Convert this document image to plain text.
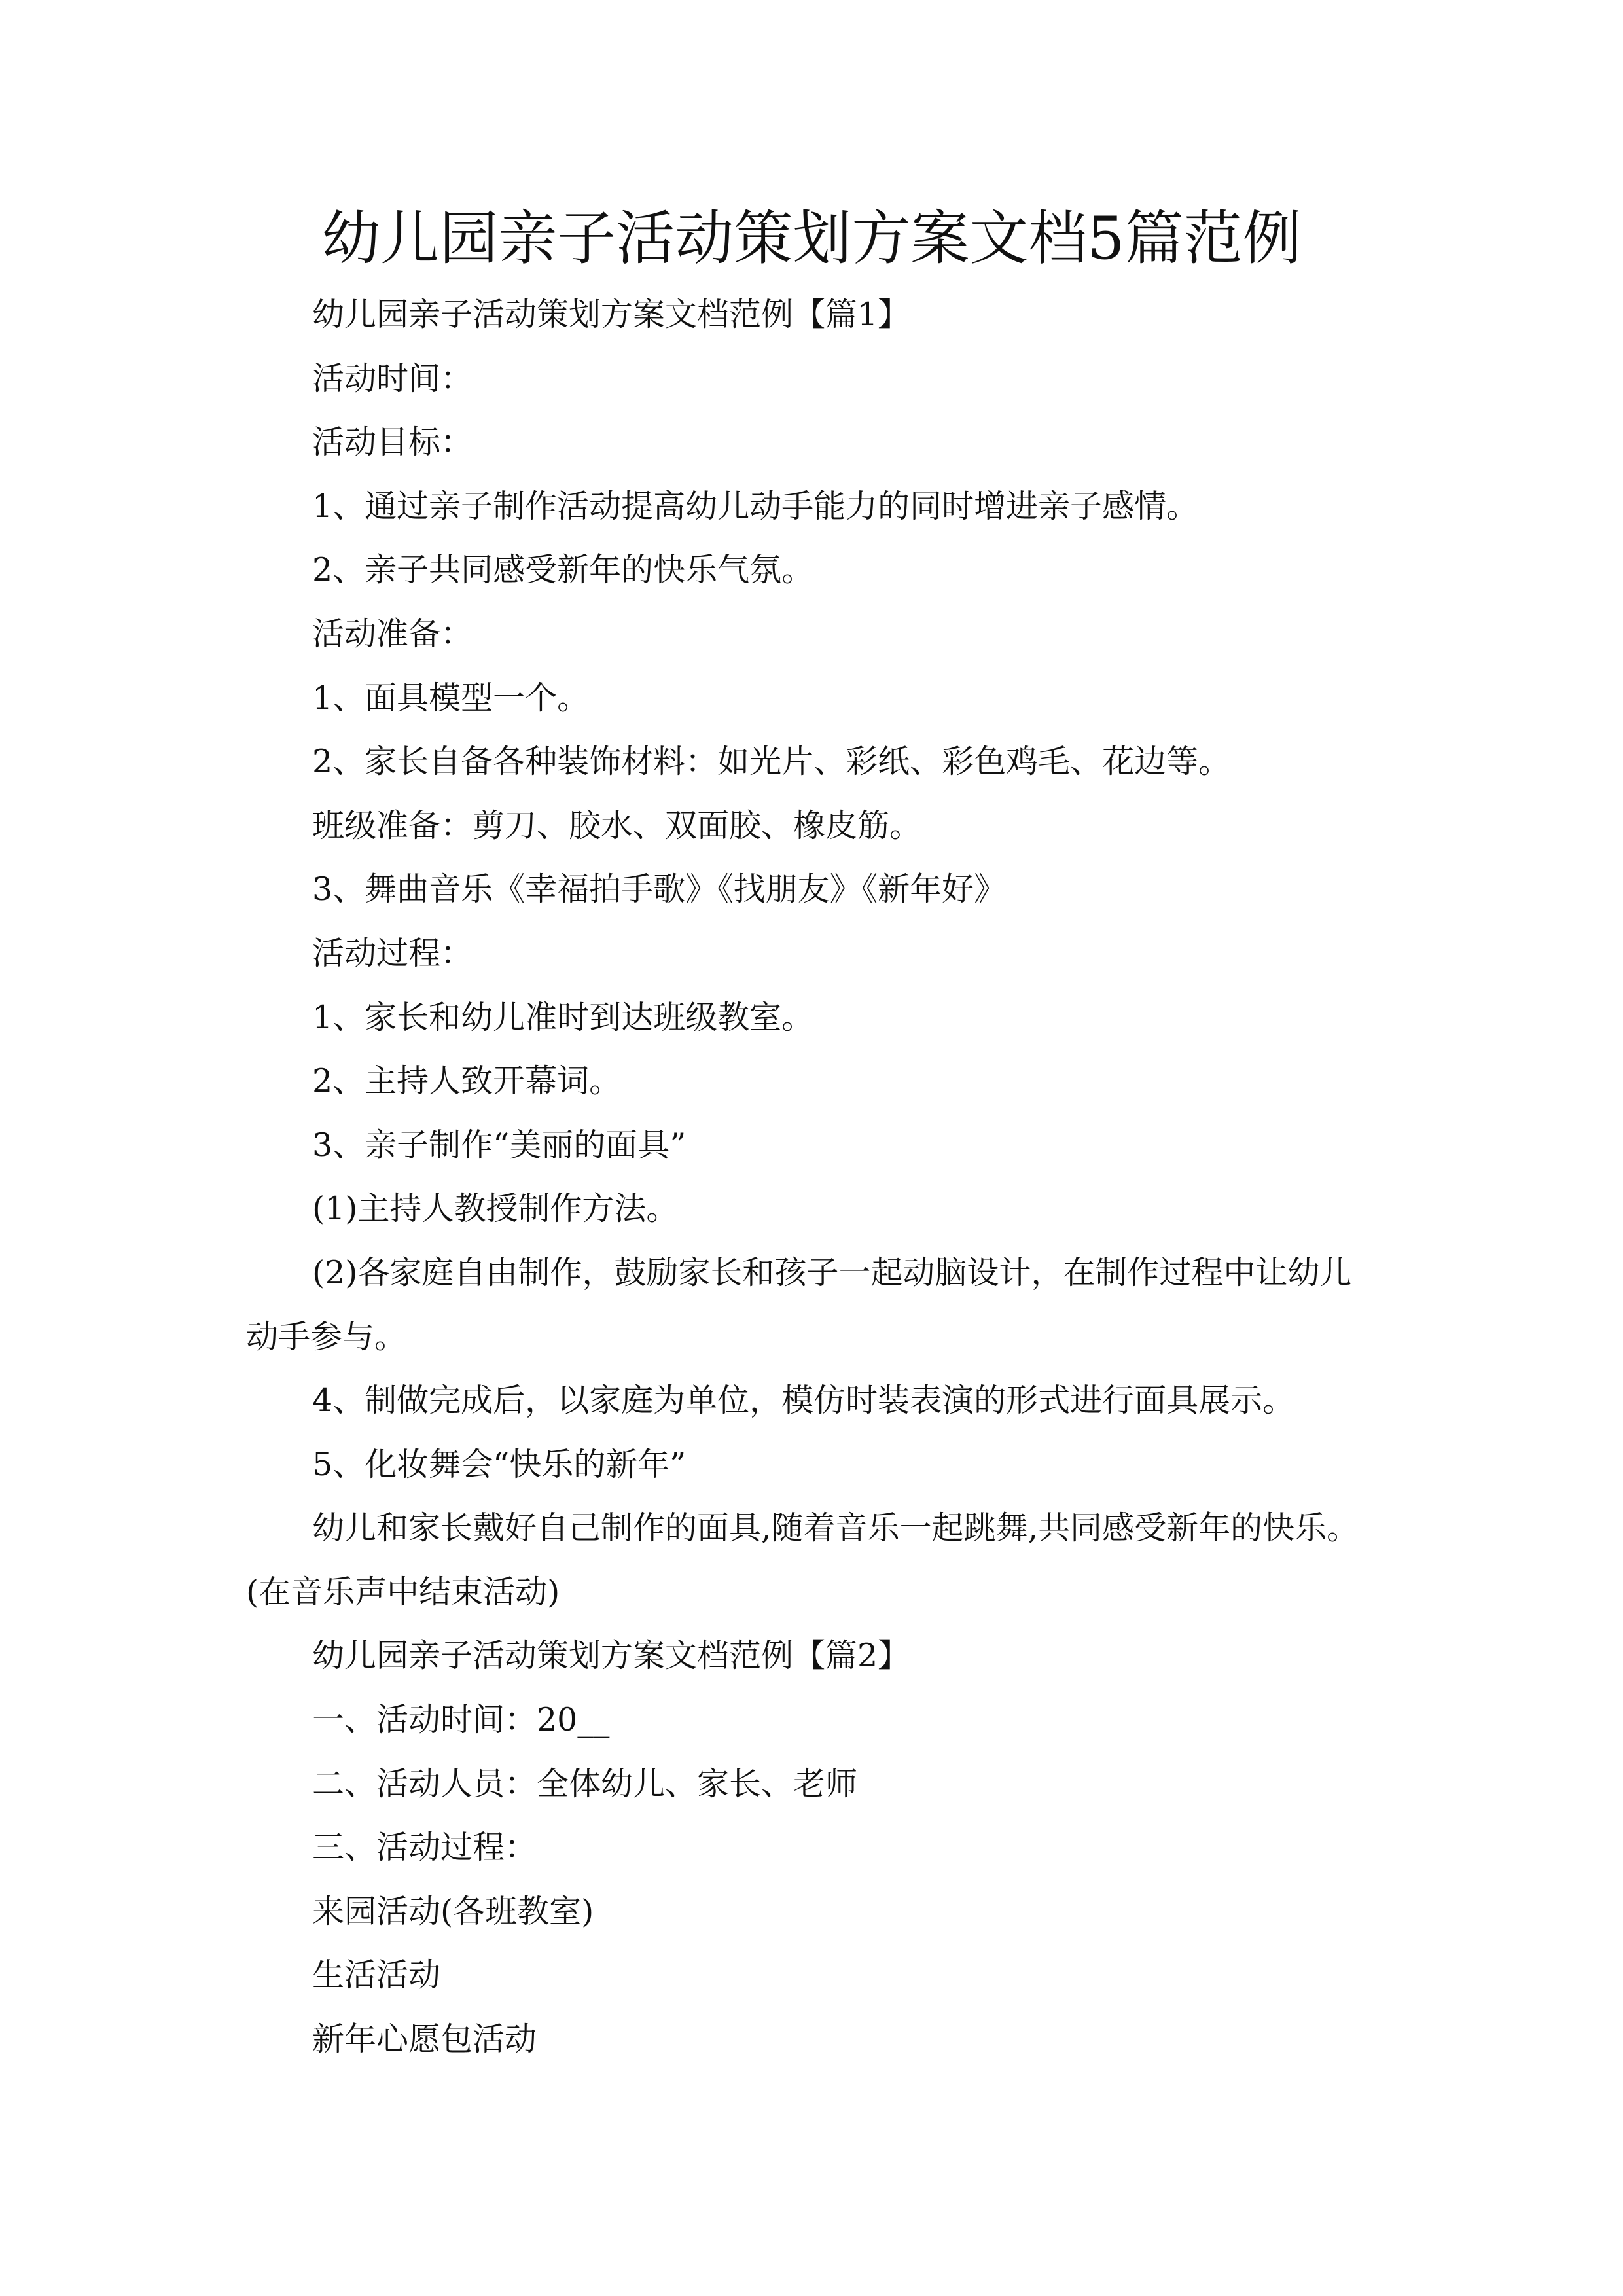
幼儿园亲子活动策划方案文档5篇范例
幼儿园亲子活动策划方案文档范例【篇1】
活动时间：
活动目标：
1、通过亲子制作活动提高幼儿动手能力的同时增进亲子感情。
2、亲子共同感受新年的快乐气氛。
活动准备：
1、面具模型一个。
2、家长自备各种装饰材料：如光片、彩纸、彩色鸡毛、花边等。
班级准备：剪刀、胶水、双面胶、橡皮筋。
3、舞曲音乐《幸福拍手歌》《找朋友》《新年好》
活动过程：
1、家长和幼儿准时到达班级教室。
2、主持人致开幕词。
3、亲子制作“美丽的面具”
(1)主持人教授制作方法。
(2)各家庭自由制作，鼓励家长和孩子一起动脑设计，在制作过程中让幼儿
动手参与。
4、制做完成后，以家庭为单位，模仿时装表演的形式进行面具展示。
5、化妆舞会“快乐的新年”
幼儿和家长戴好自己制作的面具,随着音乐一起跳舞,共同感受新年的快乐。
(在音乐声中结束活动)
幼儿园亲子活动策划方案文档范例【篇2】
一、活动时间：20__
二、活动人员：全体幼儿、家长、老师
三、活动过程：
来园活动(各班教室)
生活活动
新年心愿包活动
